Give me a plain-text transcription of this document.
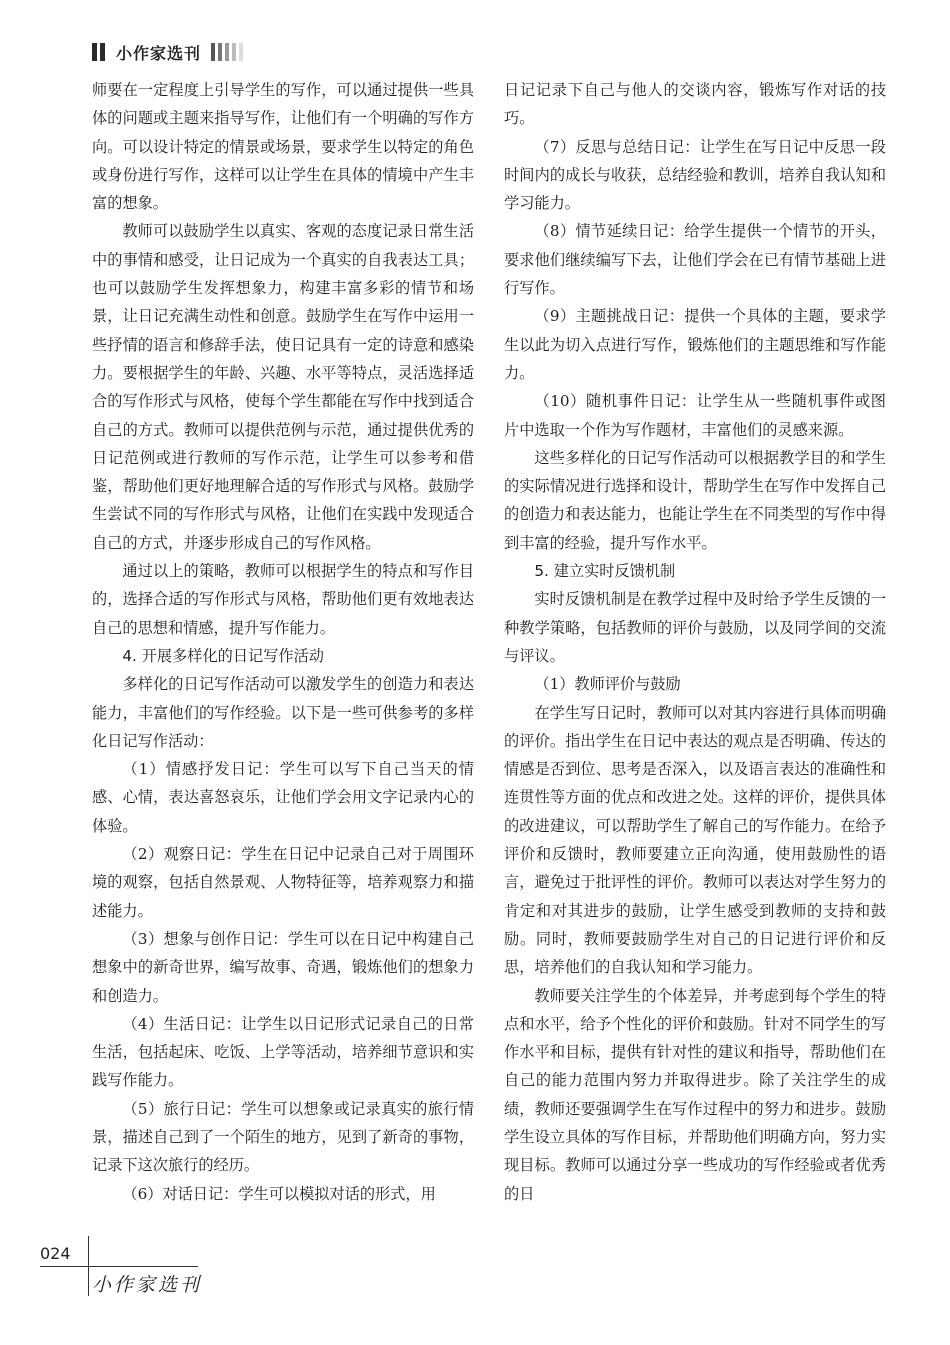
小作家选刊

师要在一定程度上引导学生的写作，可以通过提供一些具体的问题或主题来指导写作，让他们有一个明确的写作方向。可以设计特定的情景或场景，要求学生以特定的角色或身份进行写作，这样可以让学生在具体的情境中产生丰富的想象。

教师可以鼓励学生以真实、客观的态度记录日常生活中的事情和感受，让日记成为一个真实的自我表达工具；也可以鼓励学生发挥想象力，构建丰富多彩的情节和场景，让日记充满生动性和创意。鼓励学生在写作中运用一些抒情的语言和修辞手法，使日记具有一定的诗意和感染力。要根据学生的年龄、兴趣、水平等特点，灵活选择适合的写作形式与风格，使每个学生都能在写作中找到适合自己的方式。教师可以提供范例与示范，通过提供优秀的日记范例或进行教师的写作示范，让学生可以参考和借鉴，帮助他们更好地理解合适的写作形式与风格。鼓励学生尝试不同的写作形式与风格，让他们在实践中发现适合自己的方式，并逐步形成自己的写作风格。

通过以上的策略，教师可以根据学生的特点和写作目的，选择合适的写作形式与风格，帮助他们更有效地表达自己的思想和情感，提升写作能力。

4. 开展多样化的日记写作活动

多样化的日记写作活动可以激发学生的创造力和表达能力，丰富他们的写作经验。以下是一些可供参考的多样化日记写作活动：

（1）情感抒发日记：学生可以写下自己当天的情感、心情，表达喜怒哀乐，让他们学会用文字记录内心的体验。

（2）观察日记：学生在日记中记录自己对于周围环境的观察，包括自然景观、人物特征等，培养观察力和描述能力。

（3）想象与创作日记：学生可以在日记中构建自己想象中的新奇世界，编写故事、奇遇，锻炼他们的想象力和创造力。

（4）生活日记：让学生以日记形式记录自己的日常生活，包括起床、吃饭、上学等活动，培养细节意识和实践写作能力。

（5）旅行日记：学生可以想象或记录真实的旅行情景，描述自己到了一个陌生的地方，见到了新奇的事物，记录下这次旅行的经历。

（6）对话日记：学生可以模拟对话的形式，用

日记记录下自己与他人的交谈内容，锻炼写作对话的技巧。

（7）反思与总结日记：让学生在写日记中反思一段时间内的成长与收获，总结经验和教训，培养自我认知和学习能力。

（8）情节延续日记：给学生提供一个情节的开头，要求他们继续编写下去，让他们学会在已有情节基础上进行写作。

（9）主题挑战日记：提供一个具体的主题，要求学生以此为切入点进行写作，锻炼他们的主题思维和写作能力。

（10）随机事件日记：让学生从一些随机事件或图片中选取一个作为写作题材，丰富他们的灵感来源。

这些多样化的日记写作活动可以根据教学目的和学生的实际情况进行选择和设计，帮助学生在写作中发挥自己的创造力和表达能力，也能让学生在不同类型的写作中得到丰富的经验，提升写作水平。

5. 建立实时反馈机制

实时反馈机制是在教学过程中及时给予学生反馈的一种教学策略，包括教师的评价与鼓励，以及同学间的交流与评议。

（1）教师评价与鼓励

在学生写日记时，教师可以对其内容进行具体而明确的评价。指出学生在日记中表达的观点是否明确、传达的情感是否到位、思考是否深入，以及语言表达的准确性和连贯性等方面的优点和改进之处。这样的评价，提供具体的改进建议，可以帮助学生了解自己的写作能力。在给予评价和反馈时，教师要建立正向沟通，使用鼓励性的语言，避免过于批评性的评价。教师可以表达对学生努力的肯定和对其进步的鼓励，让学生感受到教师的支持和鼓励。同时，教师要鼓励学生对自己的日记进行评价和反思，培养他们的自我认知和学习能力。

教师要关注学生的个体差异，并考虑到每个学生的特点和水平，给予个性化的评价和鼓励。针对不同学生的写作水平和目标，提供有针对性的建议和指导，帮助他们在自己的能力范围内努力并取得进步。除了关注学生的成绩，教师还要强调学生在写作过程中的努力和进步。鼓励学生设立具体的写作目标，并帮助他们明确方向，努力实现目标。教师可以通过分享一些成功的写作经验或者优秀的日

024
小作家选刊
